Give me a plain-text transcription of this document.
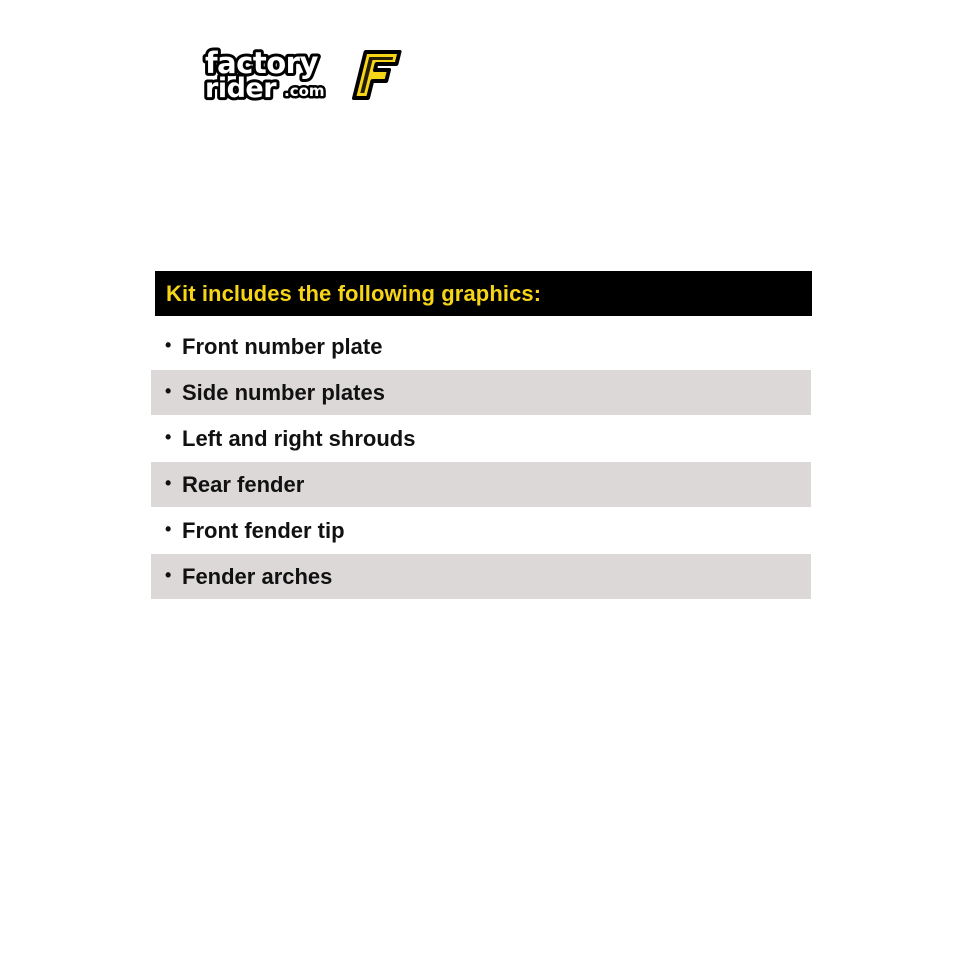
factory
rider .com
Kit includes the following graphics:
• Front number plate
• Side number plates
• Left and right shrouds
• Rear fender
• Front fender tip
• Fender arches
